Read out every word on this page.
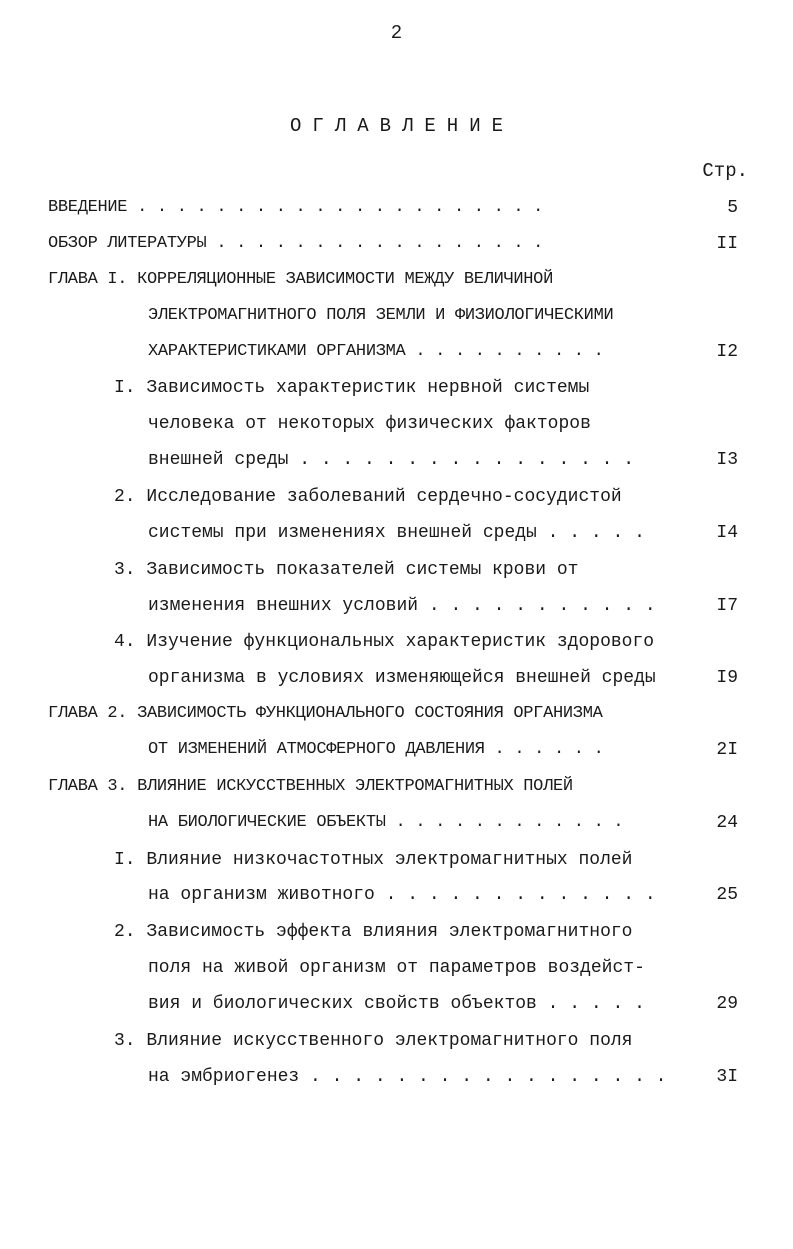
2
ОГЛАВЛЕНИЕ
Стр.
ВВЕДЕНИЕ . . . . . . . . . . . . . . . . . . . . .	5
ОБЗОР ЛИТЕРАТУРЫ . . . . . . . . . . . . . . . . .	II
ГЛАВА I. КОРРЕЛЯЦИОННЫЕ ЗАВИСИМОСТИ МЕЖДУ ВЕЛИЧИНОЙ
ЭЛЕКТРОМАГНИТНОГО ПОЛЯ ЗЕМЛИ И ФИЗИОЛОГИЧЕСКИМИ
ХАРАКТЕРИСТИКАМИ ОРГАНИЗМА . . . . . . . . . .	I2
I. Зависимость характеристик нервной системы
человека от некоторых физических факторов
внешней среды . . . . . . . . . . . . . . . .	I3
2. Исследование заболеваний сердечно-сосудистой
системы при изменениях внешней среды . . . . .	I4
3. Зависимость показателей системы крови от
изменения внешних условий . . . . . . . . . . .	I7
4. Изучение функциональных характеристик здорового
организма в условиях изменяющейся внешней среды	I9
ГЛАВА 2. ЗАВИСИМОСТЬ ФУНКЦИОНАЛЬНОГО СОСТОЯНИЯ ОРГАНИЗМА
ОТ ИЗМЕНЕНИЙ АТМОСФЕРНОГО ДАВЛЕНИЯ . . . . . .	2I
ГЛАВА 3. ВЛИЯНИЕ ИСКУССТВЕННЫХ ЭЛЕКТРОМАГНИТНЫХ ПОЛЕЙ
НА БИОЛОГИЧЕСКИЕ ОБЪЕКТЫ . . . . . . . . . . . .	24
I. Влияние низкочастотных электромагнитных полей
на организм животного . . . . . . . . . . . . .	25
2. Зависимость эффекта влияния электромагнитного
поля на живой организм от параметров воздейст-
вия и биологических свойств объектов . . . . .	29
3. Влияние искусственного электромагнитного поля
на эмбриогенез . . . . . . . . . . . . . . . . .	3I
